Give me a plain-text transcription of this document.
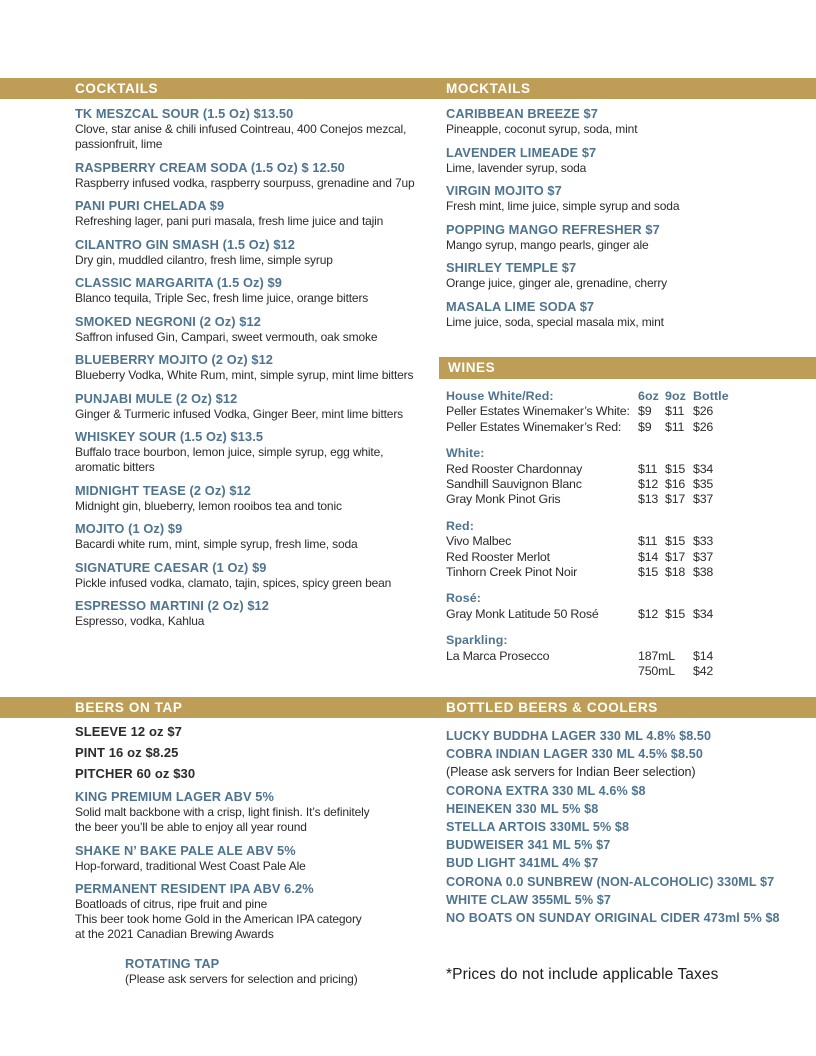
COCKTAILS	MOCKTAILS
WINES
BEERS ON TAP	BOTTLED BEERS & COOLERS
TK MESZCAL SOUR (1.5 Oz) $13.50
Clove, star anise & chili infused Cointreau, 400 Conejos mezcal,
passionfruit, lime
RASPBERRY CREAM SODA (1.5 Oz) $ 12.50
Raspberry infused vodka, raspberry sourpuss, grenadine and 7up
PANI PURI CHELADA $9
Refreshing lager, pani puri masala, fresh lime juice and tajin
CILANTRO GIN SMASH (1.5 Oz) $12
Dry gin, muddled cilantro, fresh lime, simple syrup
CLASSIC MARGARITA (1.5 Oz) $9
Blanco tequila, Triple Sec, fresh lime juice, orange bitters
SMOKED NEGRONI (2 Oz) $12
Saffron infused Gin, Campari, sweet vermouth, oak smoke
BLUEBERRY MOJITO (2 Oz) $12
Blueberry Vodka, White Rum, mint, simple syrup, mint lime bitters
PUNJABI MULE (2 Oz) $12
Ginger & Turmeric infused Vodka, Ginger Beer, mint lime bitters
WHISKEY SOUR (1.5 Oz) $13.5
Buffalo trace bourbon, lemon juice, simple syrup, egg white,
aromatic bitters
MIDNIGHT TEASE (2 Oz) $12
Midnight gin, blueberry, lemon rooibos tea and tonic
MOJITO (1 Oz) $9
Bacardi white rum, mint, simple syrup, fresh lime, soda
SIGNATURE CAESAR (1 Oz) $9
Pickle infused vodka, clamato, tajin, spices, spicy green bean
ESPRESSO MARTINI (2 Oz) $12
Espresso, vodka, Kahlua
CARIBBEAN BREEZE $7
Pineapple, coconut syrup, soda, mint
LAVENDER LIMEADE $7
Lime, lavender syrup, soda
VIRGIN MOJITO $7
Fresh mint, lime juice, simple syrup and soda
POPPING MANGO REFRESHER $7
Mango syrup, mango pearls, ginger ale
SHIRLEY TEMPLE $7
Orange juice, ginger ale, grenadine, cherry
MASALA LIME SODA $7
Lime juice, soda, special masala mix, mint
House White/Red:	6oz 9oz Bottle
Peller Estates Winemaker’s White: $9	$11 $26
Peller Estates Winemaker’s Red:	$9	$11 $26
White:
Red Rooster Chardonnay	$11 $15 $34
Sandhill Sauvignon Blanc	$12 $16 $35
Gray Monk Pinot Gris	$13 $17 $37
Red:
Vivo Malbec	$11 $15 $33
Red Rooster Merlot	$14 $17 $37
Tinhorn Creek Pinot Noir	$15 $18 $38
Rosé:
Gray Monk Latitude 50 Rosé	$12 $15 $34
Sparkling:
La Marca Prosecco	187mL	$14
750mL	$42
SLEEVE 12 oz $7
PINT 16 oz $8.25
PITCHER 60 oz $30
KING PREMIUM LAGER ABV 5%
Solid malt backbone with a crisp, light finish. It’s definitely
the beer you’ll be able to enjoy all year round
SHAKE N’ BAKE PALE ALE ABV 5%
Hop-forward, traditional West Coast Pale Ale
PERMANENT RESIDENT IPA ABV 6.2%
Boatloads of citrus, ripe fruit and pine
This beer took home Gold in the American IPA category
at the 2021 Canadian Brewing Awards
ROTATING TAP
(Please ask servers for selection and pricing)
LUCKY BUDDHA LAGER 330 ML 4.8% $8.50
COBRA INDIAN LAGER 330 ML 4.5% $8.50
(Please ask servers for Indian Beer selection)
CORONA EXTRA 330 ML 4.6% $8
HEINEKEN 330 ML 5% $8
STELLA ARTOIS 330ML 5% $8
BUDWEISER 341 ML 5% $7
BUD LIGHT 341ML 4% $7
CORONA 0.0 SUNBREW (NON-ALCOHOLIC) 330ML $7
WHITE CLAW 355ML 5% $7
NO BOATS ON SUNDAY ORIGINAL CIDER 473ml 5% $8
*Prices do not include applicable Taxes
